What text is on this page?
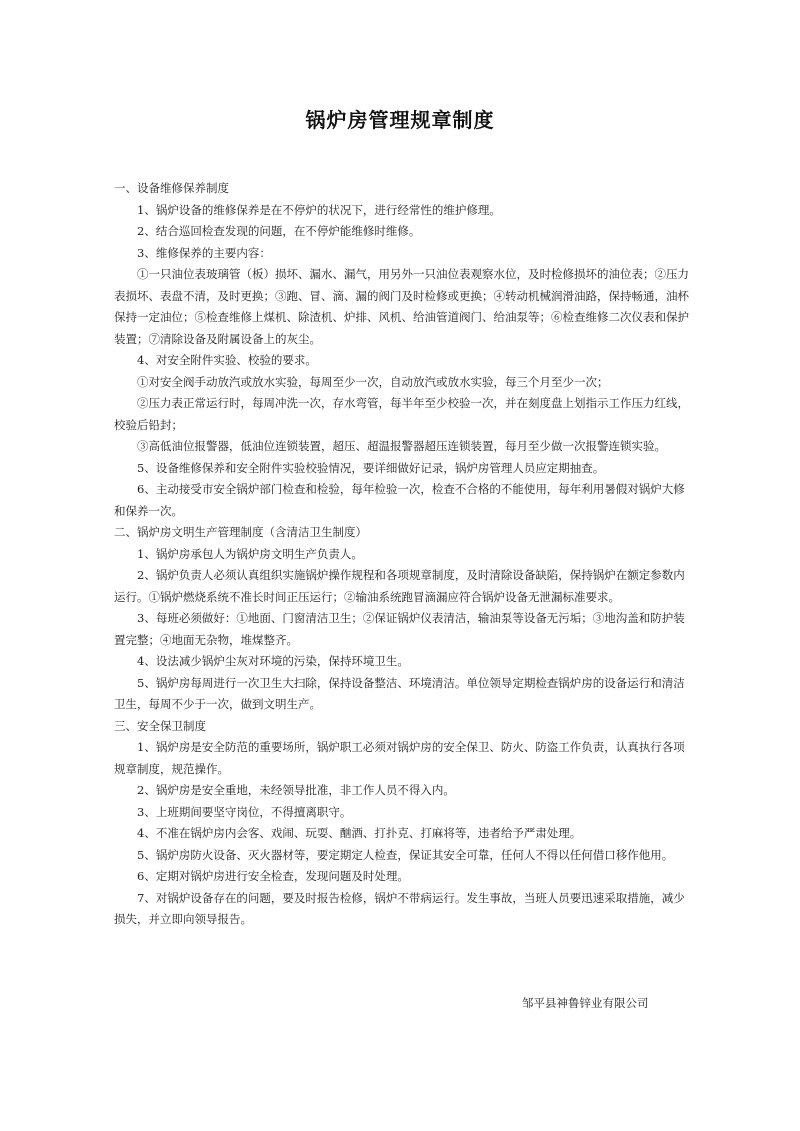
锅炉房管理规章制度

一、设备维修保养制度

1、锅炉设备的维修保养是在不停炉的状况下，进行经常性的维护修理。

2、结合巡回检查发现的问题，在不停炉能维修时维修。

3、维修保养的主要内容：

①一只油位表玻璃管（板）损坏、漏水、漏气，用另外一只油位表观察水位，及时检修损坏的油位表；②压力表损坏、表盘不清，及时更换；③跑、冒、滴、漏的阀门及时检修或更换；④转动机械润滑油路，保持畅通，油杯保持一定油位；⑤检查维修上煤机、除渣机、炉排、风机、给油管道阀门、给油泵等；⑥检查维修二次仪表和保护装置；⑦清除设备及附属设备上的灰尘。

4、对安全附件实验、校验的要求。

①对安全阀手动放汽或放水实验，每周至少一次，自动放汽或放水实验，每三个月至少一次；

②压力表正常运行时，每周冲洗一次，存水弯管，每半年至少校验一次，并在刻度盘上划指示工作压力红线，校验后铅封；

③高低油位报警器，低油位连锁装置，超压、超温报警器超压连锁装置，每月至少做一次报警连锁实验。

5、设备维修保养和安全附件实验校验情况，要详细做好记录，锅炉房管理人员应定期抽查。

6、主动接受市安全锅炉部门检查和检验，每年检验一次，检查不合格的不能使用，每年利用暑假对锅炉大修和保养一次。

二、锅炉房文明生产管理制度（含清洁卫生制度）

1、锅炉房承包人为锅炉房文明生产负责人。

2、锅炉负责人必须认真组织实施锅炉操作规程和各项规章制度，及时清除设备缺陷，保持锅炉在额定参数内运行。①锅炉燃烧系统不准长时间正压运行；②输油系统跑冒滴漏应符合锅炉设备无泄漏标准要求。

3、每班必须做好：①地面、门窗清洁卫生；②保证锅炉仪表清洁，输油泵等设备无污垢；③地沟盖和防护装置完整；④地面无杂物，堆煤整齐。

4、设法减少锅炉尘灰对环境的污染，保持环境卫生。

5、锅炉房每周进行一次卫生大扫除，保持设备整洁、环境清洁。单位领导定期检查锅炉房的设备运行和清洁卫生，每周不少于一次，做到文明生产。

三、安全保卫制度

1、锅炉房是安全防范的重要场所，锅炉职工必须对锅炉房的安全保卫、防火、防盗工作负责，认真执行各项规章制度，规范操作。

2、锅炉房是安全重地，未经领导批准，非工作人员不得入内。

3、上班期间要坚守岗位，不得擅离职守。

4、不准在锅炉房内会客、戏闹、玩耍、酗酒、打扑克、打麻将等，违者给予严肃处理。

5、锅炉房防火设备、灭火器材等，要定期定人检查，保证其安全可靠，任何人不得以任何借口移作他用。

6、定期对锅炉房进行安全检查，发现问题及时处理。

7、对锅炉设备存在的问题，要及时报告检修，锅炉不带病运行。发生事故，当班人员要迅速采取措施，减少损失，并立即向领导报告。

邹平县神鲁锌业有限公司
